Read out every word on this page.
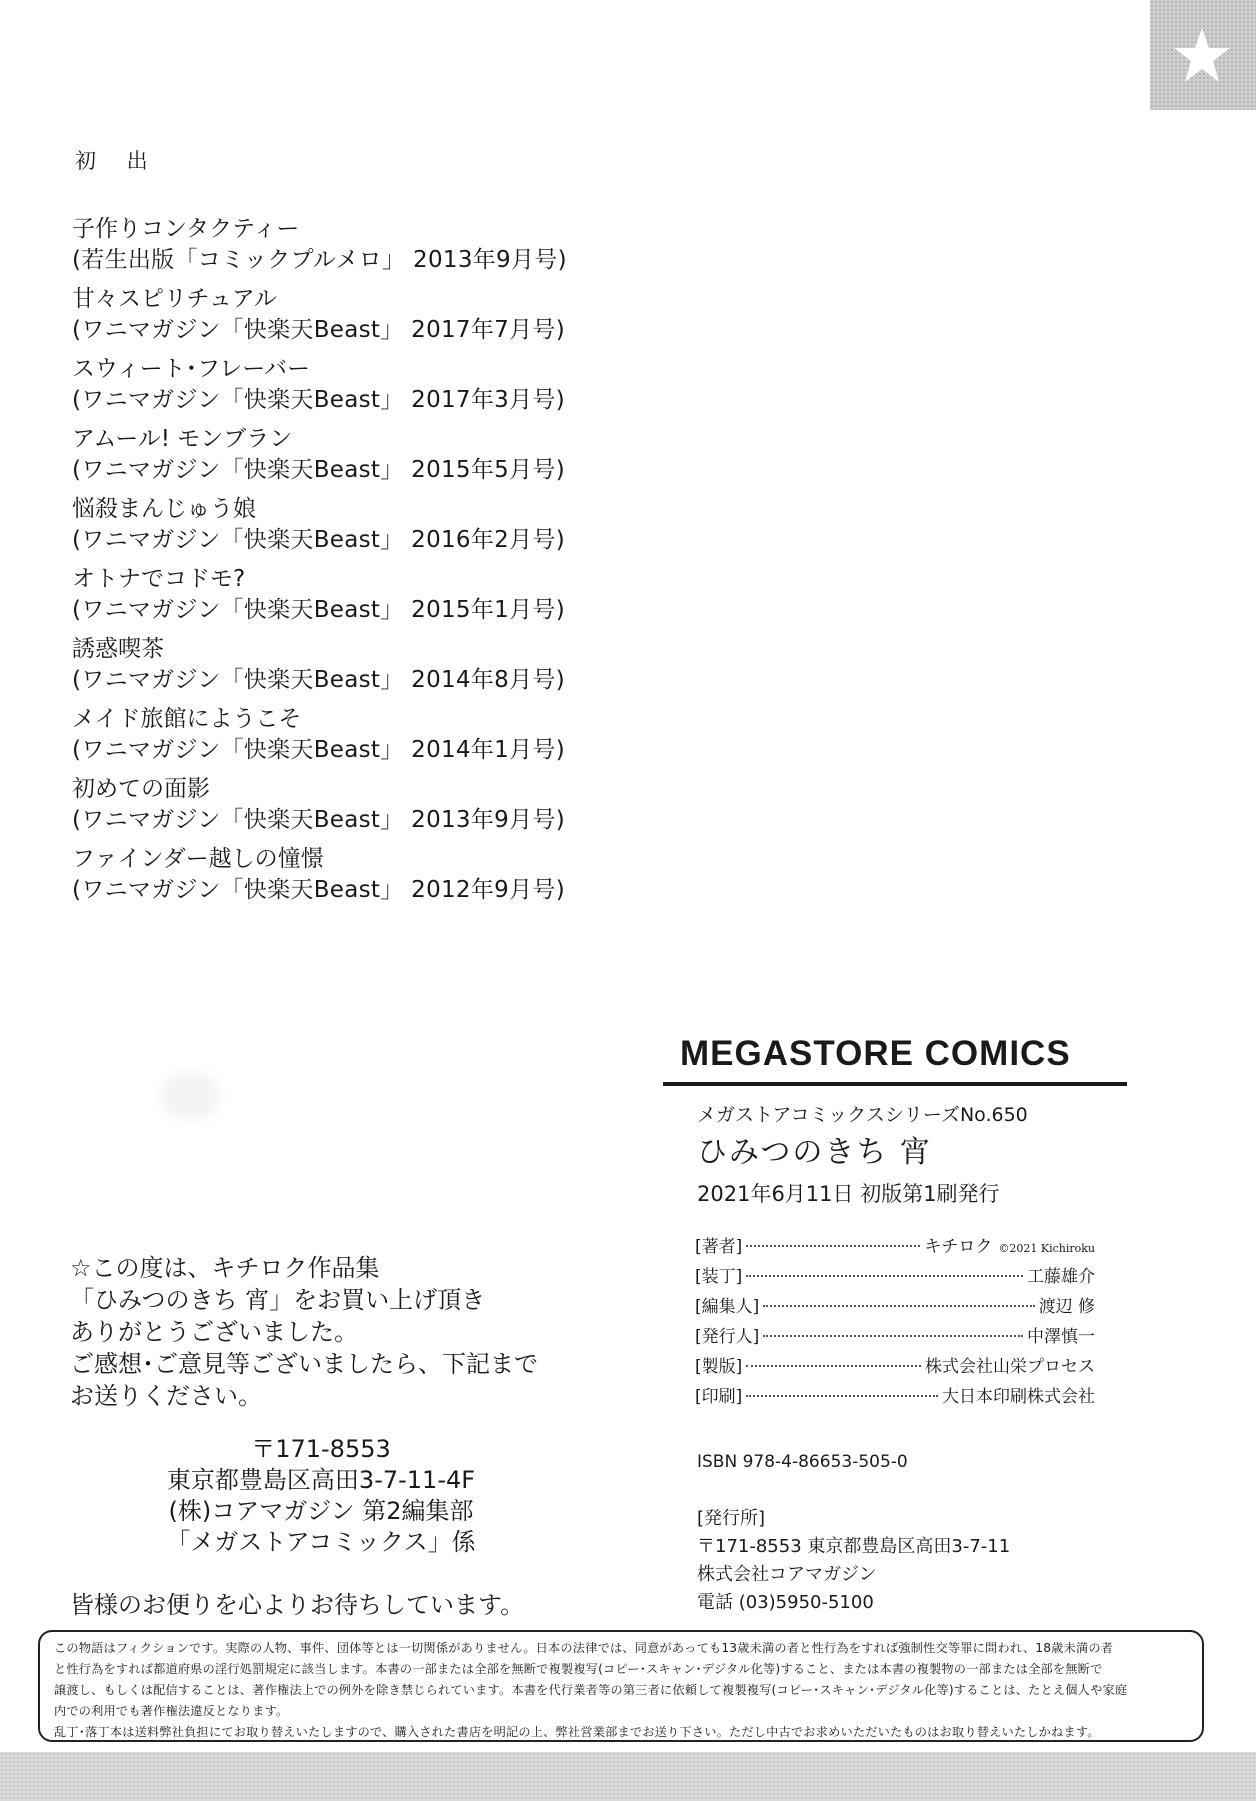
初 出
子作りコンタクティー
(若生出版「コミックプルメロ」 2013年9月号)
甘々スピリチュアル
(ワニマガジン「快楽天Beast」 2017年7月号)
スウィート･フレーバー
(ワニマガジン「快楽天Beast」 2017年3月号)
アムール! モンブラン
(ワニマガジン「快楽天Beast」 2015年5月号)
悩殺まんじゅう娘
(ワニマガジン「快楽天Beast」 2016年2月号)
オトナでコドモ?
(ワニマガジン「快楽天Beast」 2015年1月号)
誘惑喫茶
(ワニマガジン「快楽天Beast」 2014年8月号)
メイド旅館にようこそ
(ワニマガジン「快楽天Beast」 2014年1月号)
初めての面影
(ワニマガジン「快楽天Beast」 2013年9月号)
ファインダー越しの憧憬
(ワニマガジン「快楽天Beast」 2012年9月号)
MEGASTORE COMICS
メガストアコミックスシリーズNo.650
ひみつのきち 宵
2021年6月11日 初版第1刷発行
[著者]	キチロク ©2021 Kichiroku
[装丁]	工藤雄介
[編集人]	渡辺 修
[発行人]	中澤慎一
[製版]	株式会社山栄プロセス
[印刷]	大日本印刷株式会社
ISBN 978-4-86653-505-0
[発行所]
〒171-8553 東京都豊島区高田3-7-11
株式会社コアマガジン
電話 (03)5950-5100
☆この度は、キチロク作品集
「ひみつのきち 宵」をお買い上げ頂き
ありがとうございました。
ご感想･ご意見等ございましたら、下記まで
お送りください。
〒171-8553
東京都豊島区高田3-7-11-4F
(株)コアマガジン 第2編集部
「メガストアコミックス」係
皆様のお便りを心よりお待ちしています。
この物語はフィクションです。実際の人物、事件、団体等とは一切関係がありません。日本の法律では、同意があっても13歳未満の者と性行為をすれば強制性交等罪に問われ、18歳未満の者
と性行為をすれば都道府県の淫行処罰規定に該当します。本書の一部または全部を無断で複製複写(コピー･スキャン･デジタル化等)すること、または本書の複製物の一部または全部を無断で
譲渡し、もしくは配信することは、著作権法上での例外を除き禁じられています。本書を代行業者等の第三者に依頼して複製複写(コピー･スキャン･デジタル化等)することは、たとえ個人や家庭
内での利用でも著作権法違反となります。
乱丁･落丁本は送料弊社負担にてお取り替えいたしますので、購入された書店を明記の上、弊社営業部までお送り下さい。ただし中古でお求めいただいたものはお取り替えいたしかねます。
